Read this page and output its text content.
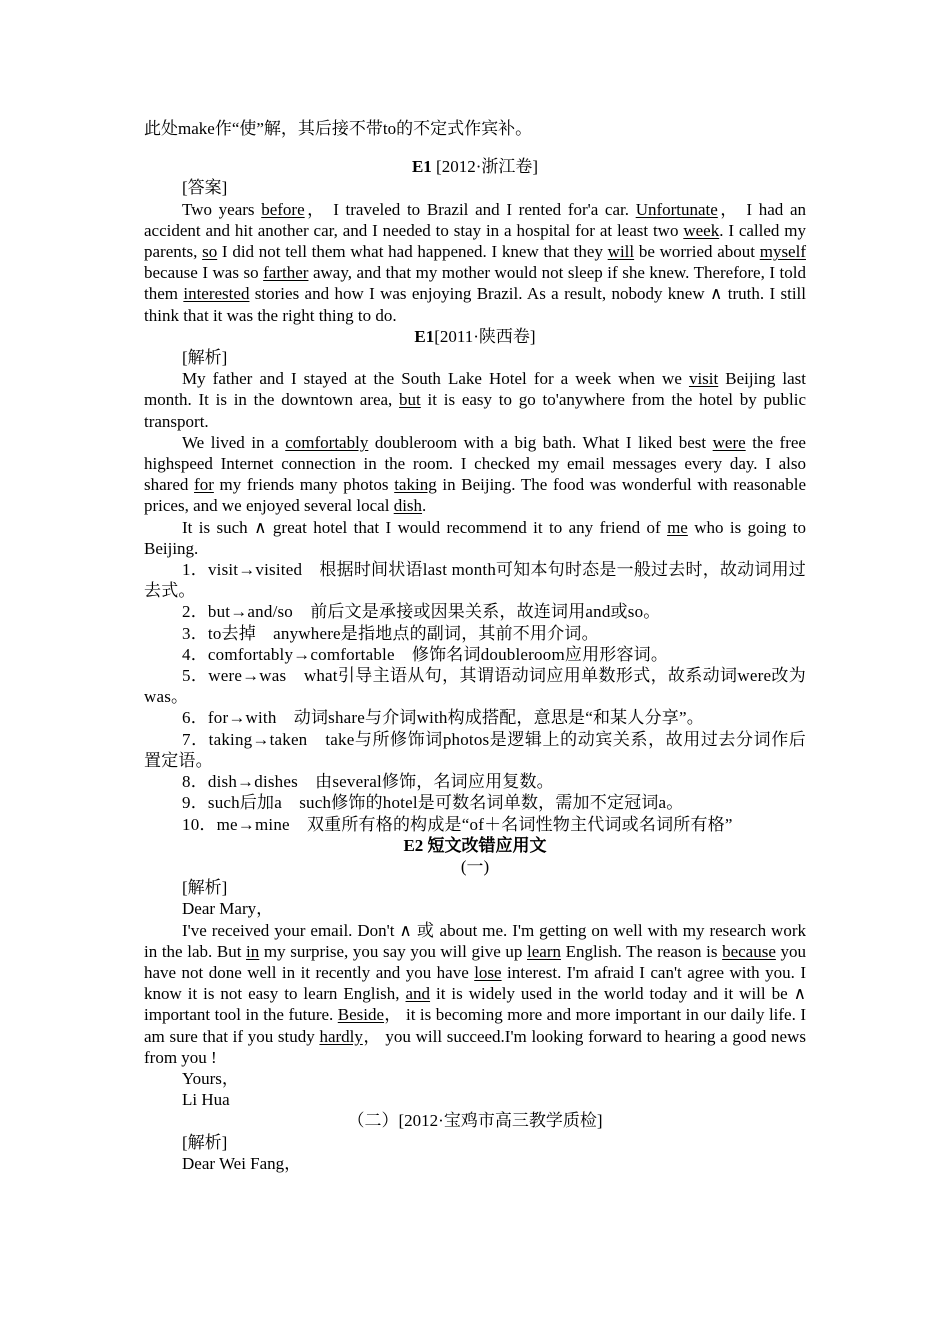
此处make作“使”解，其后接不带to的不定式作宾补。

E1 [2012·浙江卷]

[答案]

Two years before， I traveled to Brazil and I rented for'a car. Unfortunate， I had an accident and hit another car, and I needed to stay in a hospital for at least two week. I called my parents, so I did not tell them what had happened. I knew that they will be worried about myself because I was so farther away, and that my mother would not sleep if she knew. Therefore, I told them interested stories and how I was enjoying Brazil. As a result, nobody knew ∧ truth. I still think that it was the right thing to do.

E1[2011·陕西卷]

[解析]

My father and I stayed at the South Lake Hotel for a week when we visit Beijing last month. It is in the downtown area, but it is easy to go to'anywhere from the hotel by public transport.

We lived in a comfortably doubleroom with a big bath. What I liked best were the free highspeed Internet connection in the room. I checked my email messages every day. I also shared for my friends many photos taking in Beijing. The food was wonderful with reasonable prices, and we enjoyed several local dish.

It is such ∧ great hotel that I would recommend it to any friend of me who is going to Beijing.

1．visit→visited　根据时间状语last month可知本句时态是一般过去时，故动词用过去式。

2．but→and/so　前后文是承接或因果关系，故连词用and或so。

3．to去掉　anywhere是指地点的副词，其前不用介词。

4．comfortably→comfortable　修饰名词doubleroom应用形容词。

5．were→was　what引导主语从句，其谓语动词应用单数形式，故系动词were改为was。

6．for→with　动词share与介词with构成搭配，意思是“和某人分享”。

7．taking→taken　take与所修饰词photos是逻辑上的动宾关系，故用过去分词作后置定语。

8．dish→dishes　由several修饰，名词应用复数。

9．such后加a　such修饰的hotel是可数名词单数，需加不定冠词a。

10．me→mine　双重所有格的构成是“of＋名词性物主代词或名词所有格”

E2 短文改错应用文

(一)

[解析]

Dear Mary，

I've received your email. Don't ∧ 或 about me. I'm getting on well with my research work in the lab. But in my surprise, you say you will give up learn English. The reason is because you have not done well in it recently and you have lose interest. I'm afraid I can't agree with you. I know it is not easy to learn English, and it is widely used in the world today and it will be ∧ important tool in the future. Beside， it is becoming more and more important in our daily life. I am sure that if you study hardly， you will succeed.I'm looking forward to hearing a good news from you !

Yours，

Li Hua

（二）[2012·宝鸡市高三教学质检]

[解析]

Dear Wei Fang，
